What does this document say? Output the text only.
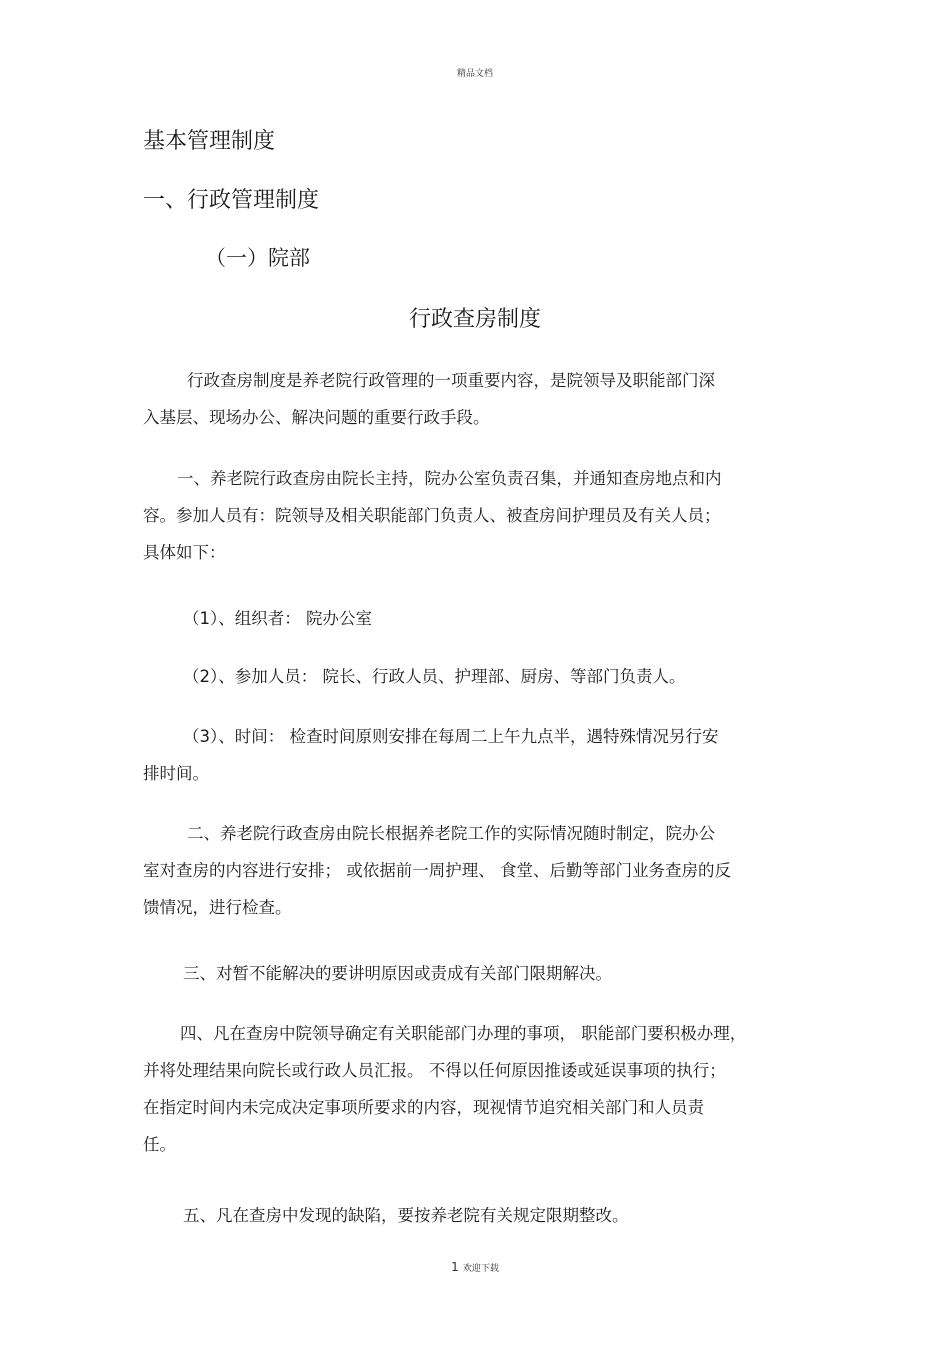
精品文档
基本管理制度
一、行政管理制度
（一）院部
行政查房制度
行政查房制度是养老院行政管理的一项重要内容，是院领导及职能部门深
入基层、现场办公、解决问题的重要行政手段。
一、养老院行政查房由院长主持，院办公室负责召集，并通知查房地点和内
容。参加人员有：院领导及相关职能部门负责人、被查房间护理员及有关人员；
具体如下：
（1）、组织者： 院办公室
（2）、参加人员： 院长、行政人员、护理部、厨房、等部门负责人。
（3）、时间： 检查时间原则安排在每周二上午九点半，遇特殊情况另行安
排时间。
二、养老院行政查房由院长根据养老院工作的实际情况随时制定，院办公
室对查房的内容进行安排； 或依据前一周护理、 食堂、后勤等部门业务查房的反
馈情况，进行检查。
三、对暂不能解决的要讲明原因或责成有关部门限期解决。
四、凡在查房中院领导确定有关职能部门办理的事项， 职能部门要积极办理，
并将处理结果向院长或行政人员汇报。 不得以任何原因推诿或延误事项的执行；
在指定时间内未完成决定事项所要求的内容，现视情节追究相关部门和人员责
任。
五、凡在查房中发现的缺陷，要按养老院有关规定限期整改。
1 欢迎下载
